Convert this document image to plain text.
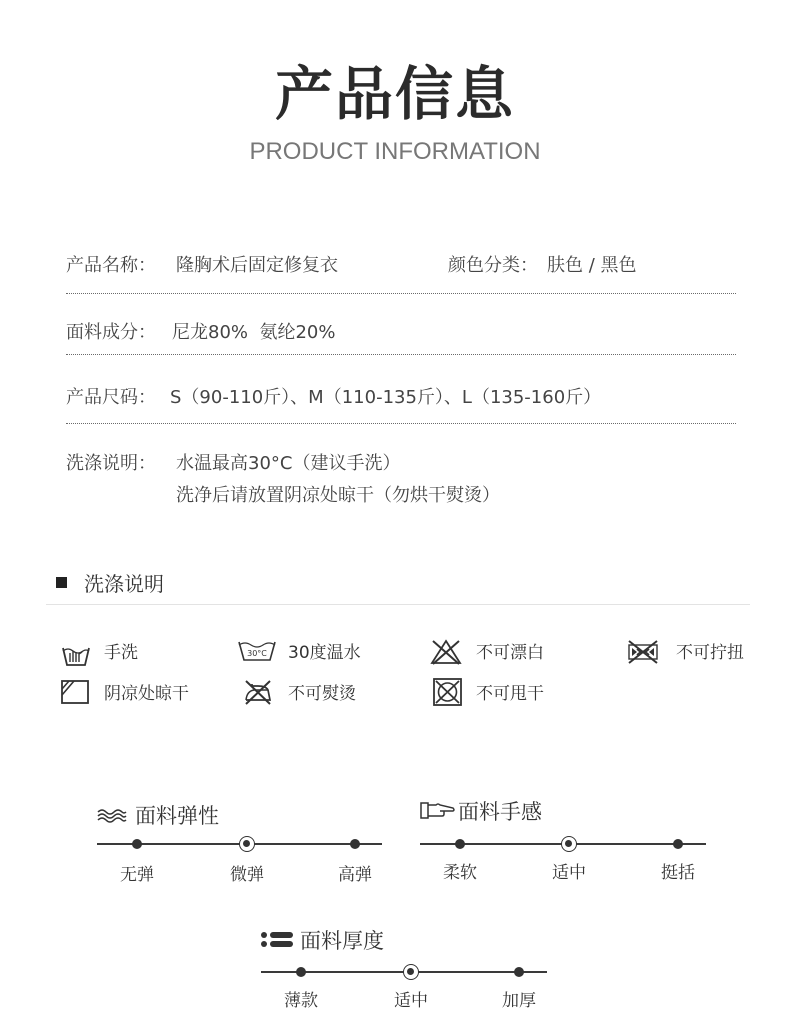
产品信息
PRODUCT INFORMATION
产品名称： 隆胸术后固定修复衣	颜色分类： 肤色 / 黑色
面料成分： 尼龙80%  氨纶20%
产品尺码： S（90-110斤）、M（110-135斤）、L（135-160斤）
洗涤说明： 水温最高30°C（建议手洗）
洗净后请放置阴凉处晾干（勿烘干熨烫）
洗涤说明
手洗	30°C 30度温水	不可漂白	不可拧扭
阴凉处晾干	不可熨烫	不可甩干
面料弹性
无弹	微弹	高弹
面料手感
柔软	适中	挺括
面料厚度
薄款	适中	加厚
